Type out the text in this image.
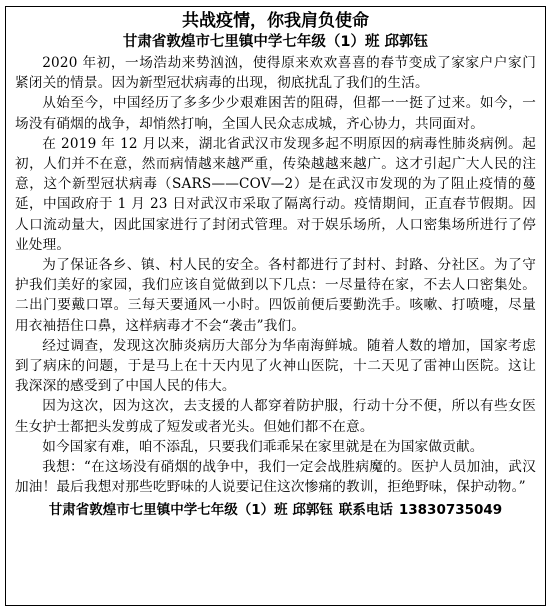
共战疫情，你我肩负使命
甘肃省敦煌市七里镇中学七年级（1）班 邱郭钰

2020 年初，一场浩劫来势汹汹，使得原来欢欢喜喜的春节变成了家家户户家门紧闭关的情景。因为新型冠状病毒的出现，彻底扰乱了我们的生活。

从始至今，中国经历了多多少少艰难困苦的阻碍，但都一一挺了过来。如今，一场没有硝烟的战争，却悄然打响，全国人民众志成城，齐心协力，共同面对。

在 2019 年 12 月以来，湖北省武汉市发现多起不明原因的病毒性肺炎病例。起初，人们并不在意，然而病情越来越严重，传染越越来越广。这才引起广大人民的注意，这个新型冠状病毒（SARS——COV—2）是在武汉市发现的为了阻止疫情的蔓延，中国政府于 1 月 23 日对武汉市采取了隔离行动。疫情期间，正直春节假期。因人口流动量大，因此国家进行了封闭式管理。对于娱乐场所，人口密集场所进行了停业处理。

为了保证各乡、镇、村人民的安全。各村都进行了封村、封路、分社区。为了守护我们美好的家园，我们应该自觉做到以下几点：一尽量待在家，不去人口密集处。二出门要戴口罩。三每天要通风一小时。四饭前便后要勤洗手。咳嗽、打喷嚏，尽量用衣袖捂住口鼻，这样病毒才不会“袭击”我们。

经过调查，发现这次肺炎病历大部分为华南海鲜城。随着人数的增加，国家考虑到了病床的问题，于是马上在十天内见了火神山医院，十二天见了雷神山医院。这让我深深的感受到了中国人民的伟大。

因为这次，因为这次，去支援的人都穿着防护服，行动十分不便，所以有些女医生女护士都把头发剪成了短发或者光头。但她们都不在意。

如今国家有难，咱不添乱，只要我们乖乖呆在家里就是在为国家做贡献。

我想：“在这场没有硝烟的战争中，我们一定会战胜病魔的。医护人员加油，武汉加油！最后我想对那些吃野味的人说要记住这次惨痛的教训，拒绝野味，保护动物。”

甘肃省敦煌市七里镇中学七年级（1）班 邱郭钰 联系电话 13830735049
